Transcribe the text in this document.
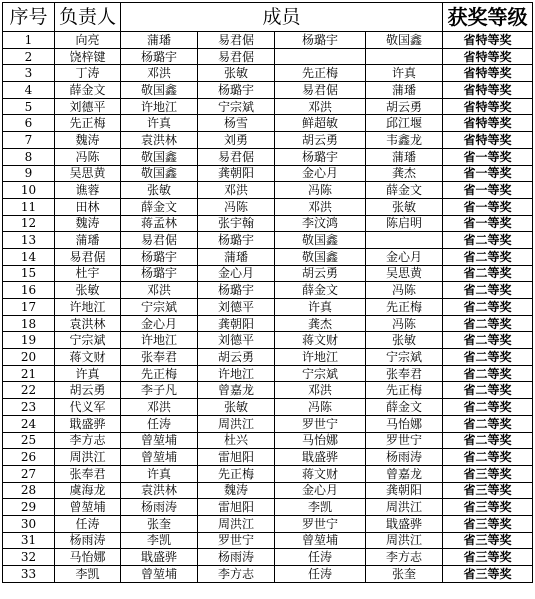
序号	负责人	成员				获奖等级
1	向亮	蒲璠	易君倨	杨璐宇	敬国鑫	省特等奖
2	饶梓键	杨璐宇	易君倨			省特等奖
3	丁涛	邓洪	张敏	先正梅	许真	省特等奖
4	薛金文	敬国鑫	杨璐宇	易君倨	蒲璠	省特等奖
5	刘德平	许地江	宁宗斌	邓洪	胡云勇	省特等奖
6	先正梅	许真	杨雪	鲜超敏	邱江堰	省特等奖
7	魏涛	袁洪林	刘勇	胡云勇	韦鑫龙	省特等奖
8	冯陈	敬国鑫	易君倨	杨璐宇	蒲璠	省一等奖
9	吴思黄	敬国鑫	龚朝阳	金心月	龚杰	省一等奖
10	谯蓉	张敏	邓洪	冯陈	薛金文	省一等奖
11	田林	薛金文	冯陈	邓洪	张敏	省一等奖
12	魏涛	蒋孟林	张宇翰	李汶鸿	陈启明	省一等奖
13	蒲璠	易君倨	杨璐宇	敬国鑫		省二等奖
14	易君倨	杨璐宇	蒲璠	敬国鑫	金心月	省二等奖
15	杜宇	杨璐宇	金心月	胡云勇	吴思黄	省二等奖
16	张敏	邓洪	杨璐宇	薛金文	冯陈	省二等奖
17	许地江	宁宗斌	刘德平	许真	先正梅	省二等奖
18	袁洪林	金心月	龚朝阳	龚杰	冯陈	省二等奖
19	宁宗斌	许地江	刘德平	蒋文财	张敏	省二等奖
20	蒋文财	张奉君	胡云勇	许地江	宁宗斌	省二等奖
21	许真	先正梅	许地江	宁宗斌	张奉君	省二等奖
22	胡云勇	李子凡	曾嘉龙	邓洪	先正梅	省二等奖
23	代义军	邓洪	张敏	冯陈	薛金文	省二等奖
24	戢盛骅	任涛	周洪江	罗世宁	马怡娜	省二等奖
25	李方志	曾堃埔	杜兴	马怡娜	罗世宁	省二等奖
26	周洪江	曾堃埔	雷旭阳	戢盛骅	杨雨涛	省二等奖
27	张奉君	许真	先正梅	蒋文财	曾嘉龙	省三等奖
28	虞海龙	袁洪林	魏涛	金心月	龚朝阳	省三等奖
29	曾堃埔	杨雨涛	雷旭阳	李凯	周洪江	省三等奖
30	任涛	张奎	周洪江	罗世宁	戢盛骅	省三等奖
31	杨雨涛	李凯	罗世宁	曾堃埔	周洪江	省三等奖
32	马怡娜	戢盛骅	杨雨涛	任涛	李方志	省三等奖
33	李凯	曾堃埔	李方志	任涛	张奎	省三等奖
